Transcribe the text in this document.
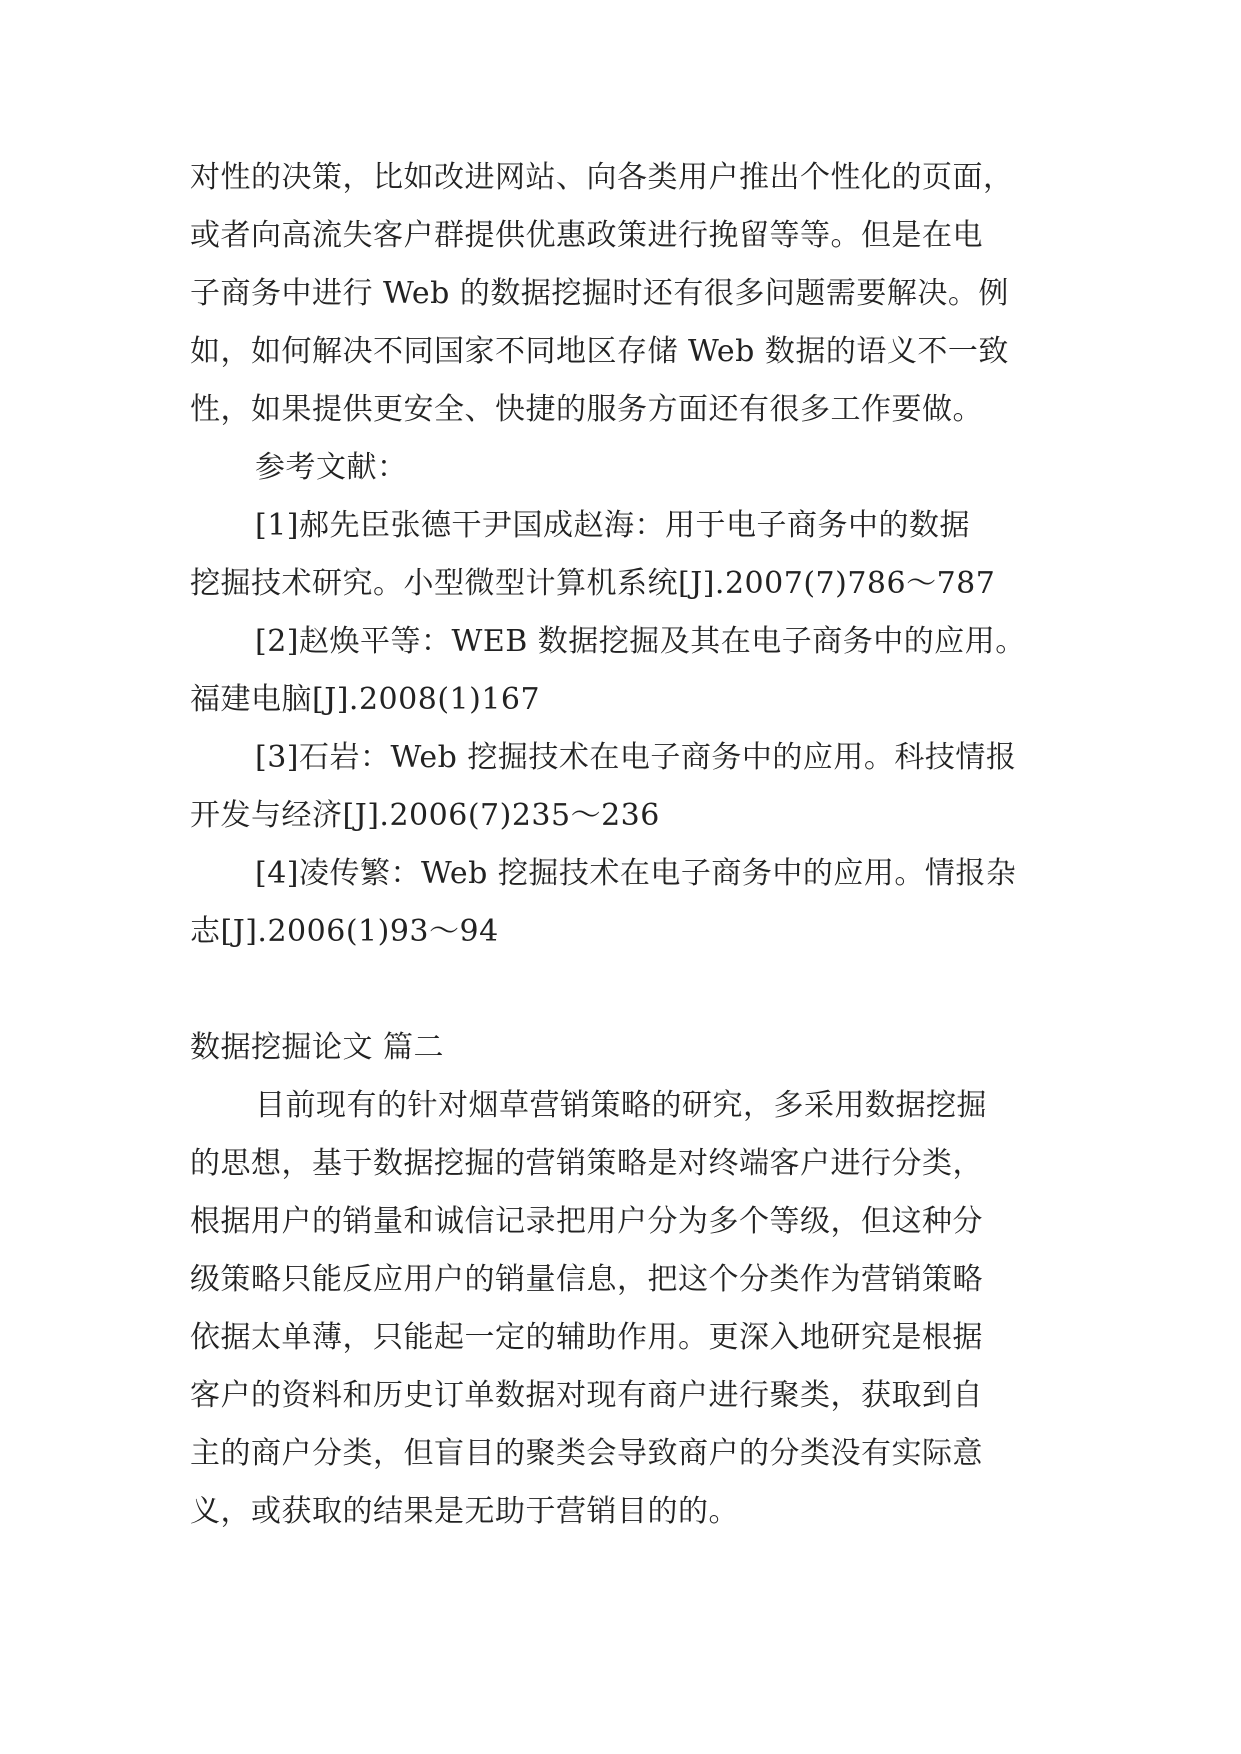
对性的决策，比如改进网站、向各类用户推出个性化的页面，
或者向高流失客户群提供优惠政策进行挽留等等。但是在电
子商务中进行 Web 的数据挖掘时还有很多问题需要解决。例
如，如何解决不同国家不同地区存储 Web 数据的语义不一致
性，如果提供更安全、快捷的服务方面还有很多工作要做。
参考文献：
[1]郝先臣张德干尹国成赵海：用于电子商务中的数据
挖掘技术研究。小型微型计算机系统[J].2007(7)786～787
[2]赵焕平等：WEB 数据挖掘及其在电子商务中的应用。
福建电脑[J].2008(1)167
[3]石岩：Web 挖掘技术在电子商务中的应用。科技情报
开发与经济[J].2006(7)235～236
[4]凌传繁：Web 挖掘技术在电子商务中的应用。情报杂
志[J].2006(1)93～94
数据挖掘论文 篇二
目前现有的针对烟草营销策略的研究，多采用数据挖掘
的思想，基于数据挖掘的营销策略是对终端客户进行分类，
根据用户的销量和诚信记录把用户分为多个等级，但这种分
级策略只能反应用户的销量信息，把这个分类作为营销策略
依据太单薄，只能起一定的辅助作用。更深入地研究是根据
客户的资料和历史订单数据对现有商户进行聚类，获取到自
主的商户分类，但盲目的聚类会导致商户的分类没有实际意
义，或获取的结果是无助于营销目的的。
